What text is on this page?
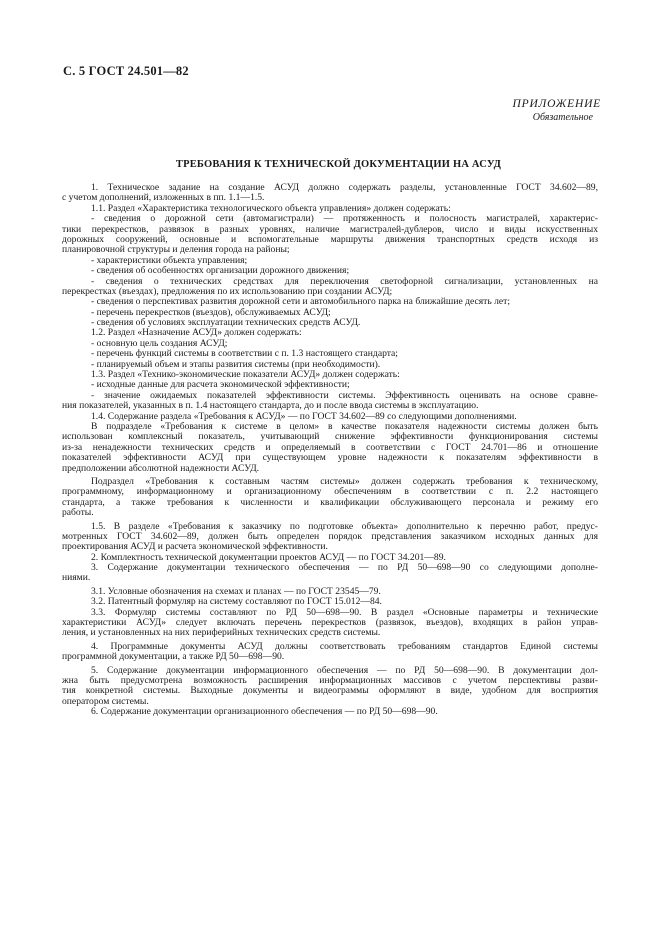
С. 5 ГОСТ 24.501—82
ПРИЛОЖЕНИЕ
Обязательное
ТРЕБОВАНИЯ К ТЕХНИЧЕСКОЙ ДОКУМЕНТАЦИИ НА АСУД
1. Техническое задание на создание АСУД должно содержать разделы, установленные ГОСТ 34.602—89,
с учетом дополнений, изложенных в пп. 1.1—1.5.
1.1. Раздел «Характеристика технологического объекта управления» должен содержать:
- сведения о дорожной сети (автомагистрали) — протяженность и полосность магистралей, характерис-
тики перекрестков, развязок в разных уровнях, наличие магистралей-дублеров, число и виды искусственных
дорожных сооружений, основные и вспомогательные маршруты движения транспортных средств исходя из
планировочной структуры и деления города на районы;
- характеристики объекта управления;
- сведения об особенностях организации дорожного движения;
- сведения о технических средствах для переключения светофорной сигнализации, установленных на
перекрестках (въездах), предложения по их использованию при создании АСУД;
- сведения о перспективах развития дорожной сети и автомобильного парка на ближайшие десять лет;
- перечень перекрестков (въездов), обслуживаемых АСУД;
- сведения об условиях эксплуатации технических средств АСУД.
1.2. Раздел «Назначение АСУД» должен содержать:
- основную цель создания АСУД;
- перечень функций системы в соответствии с п. 1.3 настоящего стандарта;
- планируемый объем и этапы развития системы (при необходимости).
1.3. Раздел «Технико-экономические показатели АСУД» должен содержать:
- исходные данные для расчета экономической эффективности;
- значение ожидаемых показателей эффективности системы. Эффективность оценивать на основе сравне-
ния показателей, указанных в п. 1.4 настоящего стандарта, до и после ввода системы в эксплуатацию.
1.4. Содержание раздела «Требования к АСУД» — по ГОСТ 34.602—89 со следующими дополнениями.
В подразделе «Требования к системе в целом» в качестве показателя надежности системы должен быть
использован комплексный показатель, учитывающий снижение эффективности функционирования системы
из-за ненадежности технических средств и определяемый в соответствии с ГОСТ 24.701—86 и отношение
показателей эффективности АСУД при существующем уровне надежности к показателям эффективности в
предположении абсолютной надежности АСУД.
Подраздел «Требования к составным частям системы» должен содержать требования к техническому,
программному, информационному и организационному обеспечениям в соответствии с п. 2.2 настоящего
стандарта, а также требования к численности и квалификации обслуживающего персонала и режиму его
работы.
1.5. В разделе «Требования к заказчику по подготовке объекта» дополнительно к перечню работ, предус-
мотренных ГОСТ 34.602—89, должен быть определен порядок представления заказчиком исходных данных для
проектирования АСУД и расчета экономической эффективности.
2. Комплектность технической документации проектов АСУД — по ГОСТ 34.201—89.
3. Содержание документации технического обеспечения — по РД 50—698—90 со следующими дополне-
ниями.
3.1. Условные обозначения на схемах и планах — по ГОСТ 23545—79.
3.2. Патентный формуляр на систему составляют по ГОСТ 15.012—84.
3.3. Формуляр системы составляют по РД 50—698—90. В раздел «Основные параметры и технические
характеристики АСУД» следует включать перечень перекрестков (развязок, въездов), входящих в район управ-
ления, и установленных на них периферийных технических средств системы.
4. Программные документы АСУД должны соответствовать требованиям стандартов Единой системы
программной документации, а также РД 50—698—90.
5. Содержание документации информационного обеспечения — по РД 50—698—90. В документации дол-
жна быть предусмотрена возможность расширения информационных массивов с учетом перспективы разви-
тия конкретной системы. Выходные документы и видеограммы оформляют в виде, удобном для восприятия
оператором системы.
6. Содержание документации организационного обеспечения — по РД 50—698—90.
